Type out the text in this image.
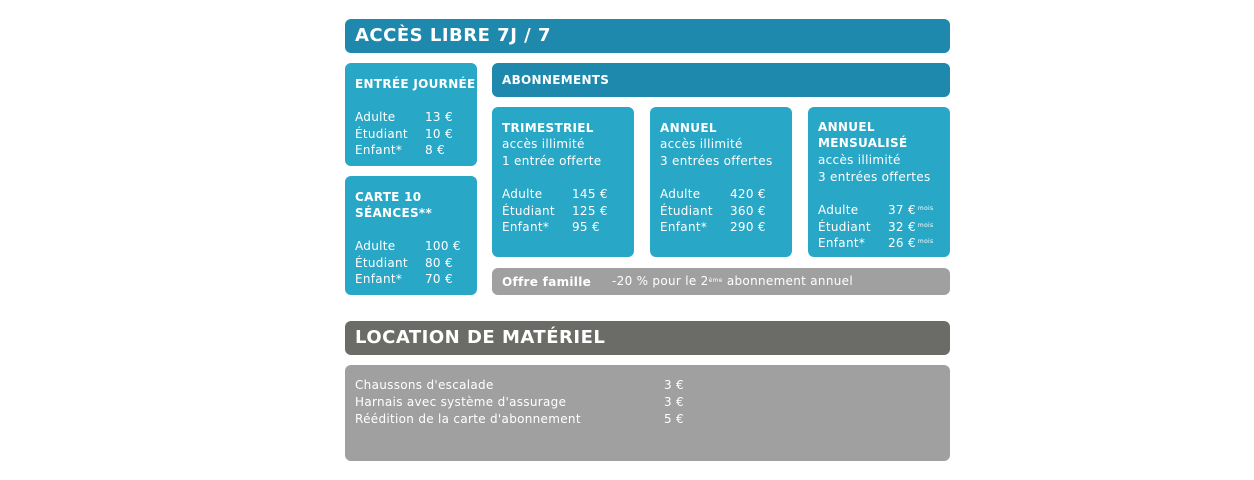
ACCÈS LIBRE 7J / 7
ENTRÉE JOURNÉE
Adulte	13 €
Étudiant	10 €
Enfant*	8 €
CARTE 10
SÉANCES**
Adulte	100 €
Étudiant	80 €
Enfant*	70 €
ABONNEMENTS
TRIMESTRIEL
accès illimité
1 entrée offerte
Adulte	145 €
Étudiant	125 €
Enfant*	95 €
ANNUEL
accès illimité
3 entrées offertes
Adulte	420 €
Étudiant	360 €
Enfant*	290 €
ANNUEL
MENSUALISÉ
accès illimité
3 entrées offertes
Adulte	37 € $^{mois}$
Étudiant	32 € $^{mois}$
Enfant*	26 € $^{mois}$
Offre famille -20 % pour le 2ème abonnement annuel
LOCATION DE MATÉRIEL
Chaussons d'escalade	3 €
Harnais avec système d'assurage	3 €
Réédition de la carte d'abonnement	5 €
